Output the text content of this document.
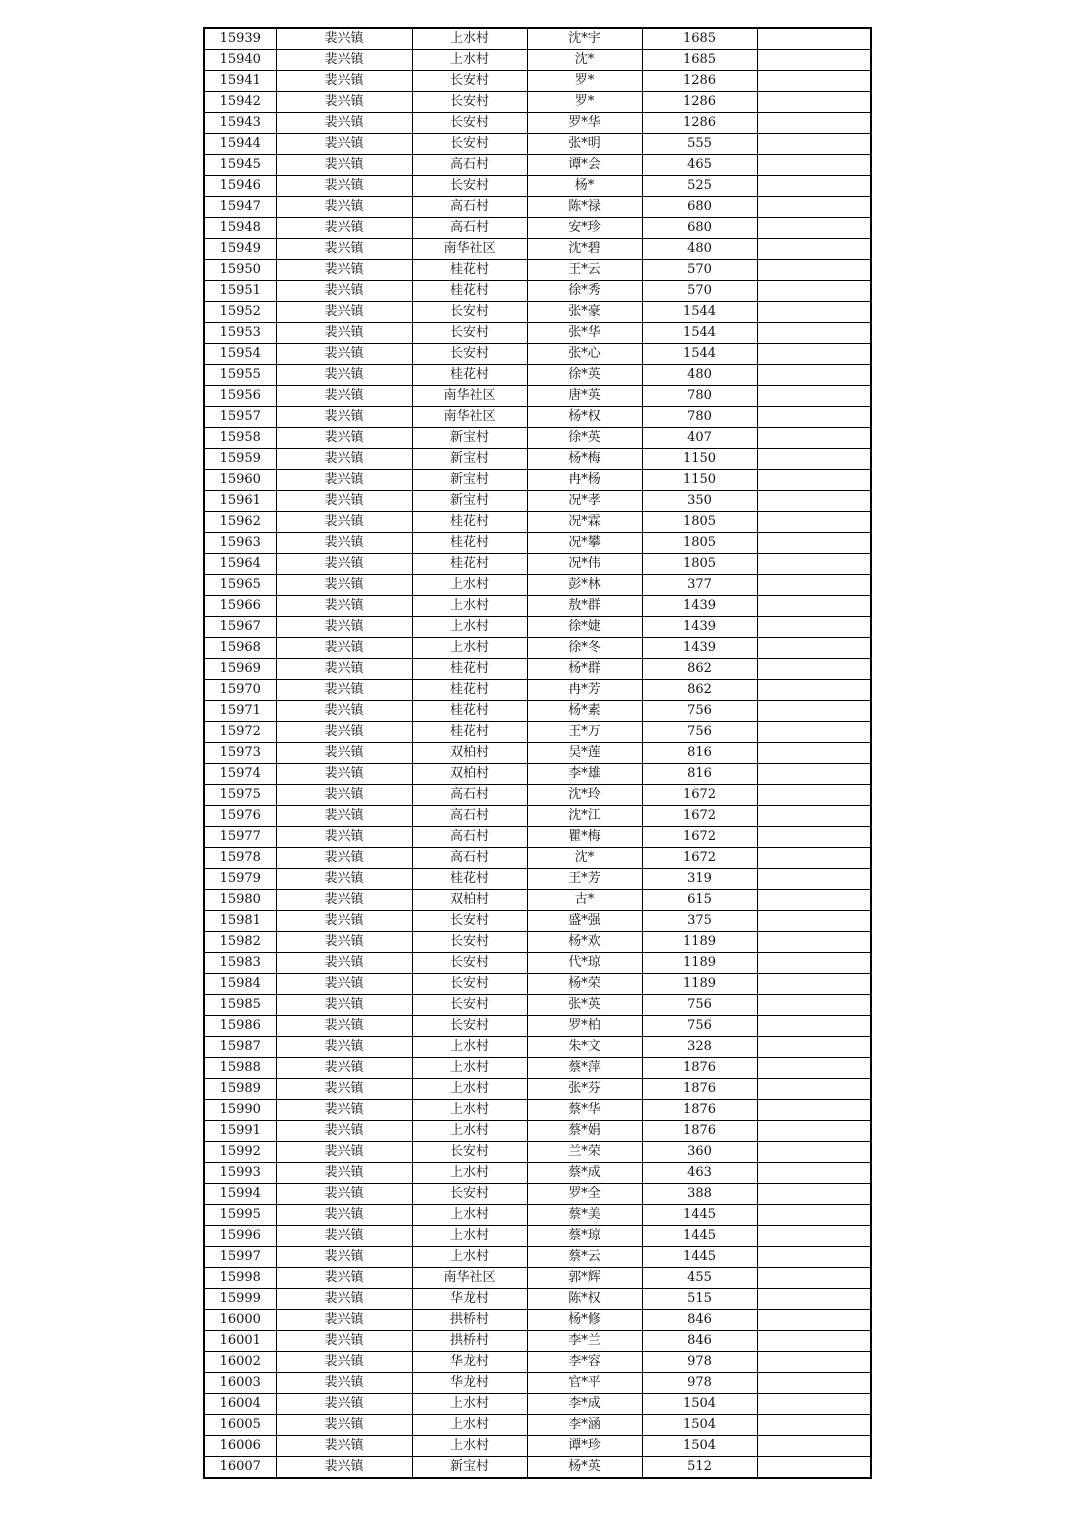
15939	裴兴镇	上水村	沈*宇	1685	
15940	裴兴镇	上水村	沈*	1685	
15941	裴兴镇	长安村	罗*	1286	
15942	裴兴镇	长安村	罗*	1286	
15943	裴兴镇	长安村	罗*华	1286	
15944	裴兴镇	长安村	张*明	555	
15945	裴兴镇	高石村	谭*会	465	
15946	裴兴镇	长安村	杨*	525	
15947	裴兴镇	高石村	陈*禄	680	
15948	裴兴镇	高石村	安*珍	680	
15949	裴兴镇	南华社区	沈*碧	480	
15950	裴兴镇	桂花村	王*云	570	
15951	裴兴镇	桂花村	徐*秀	570	
15952	裴兴镇	长安村	张*豪	1544	
15953	裴兴镇	长安村	张*华	1544	
15954	裴兴镇	长安村	张*心	1544	
15955	裴兴镇	桂花村	徐*英	480	
15956	裴兴镇	南华社区	唐*英	780	
15957	裴兴镇	南华社区	杨*权	780	
15958	裴兴镇	新宝村	徐*英	407	
15959	裴兴镇	新宝村	杨*梅	1150	
15960	裴兴镇	新宝村	冉*杨	1150	
15961	裴兴镇	新宝村	况*孝	350	
15962	裴兴镇	桂花村	况*霖	1805	
15963	裴兴镇	桂花村	况*攀	1805	
15964	裴兴镇	桂花村	况*伟	1805	
15965	裴兴镇	上水村	彭*林	377	
15966	裴兴镇	上水村	敖*群	1439	
15967	裴兴镇	上水村	徐*婕	1439	
15968	裴兴镇	上水村	徐*冬	1439	
15969	裴兴镇	桂花村	杨*群	862	
15970	裴兴镇	桂花村	冉*芳	862	
15971	裴兴镇	桂花村	杨*素	756	
15972	裴兴镇	桂花村	王*万	756	
15973	裴兴镇	双柏村	吴*莲	816	
15974	裴兴镇	双柏村	李*雄	816	
15975	裴兴镇	高石村	沈*玲	1672	
15976	裴兴镇	高石村	沈*江	1672	
15977	裴兴镇	高石村	瞿*梅	1672	
15978	裴兴镇	高石村	沈*	1672	
15979	裴兴镇	桂花村	王*芳	319	
15980	裴兴镇	双柏村	古*	615	
15981	裴兴镇	长安村	盛*强	375	
15982	裴兴镇	长安村	杨*欢	1189	
15983	裴兴镇	长安村	代*琼	1189	
15984	裴兴镇	长安村	杨*荣	1189	
15985	裴兴镇	长安村	张*英	756	
15986	裴兴镇	长安村	罗*柏	756	
15987	裴兴镇	上水村	朱*文	328	
15988	裴兴镇	上水村	蔡*萍	1876	
15989	裴兴镇	上水村	张*芬	1876	
15990	裴兴镇	上水村	蔡*华	1876	
15991	裴兴镇	上水村	蔡*娟	1876	
15992	裴兴镇	长安村	兰*荣	360	
15993	裴兴镇	上水村	蔡*成	463	
15994	裴兴镇	长安村	罗*全	388	
15995	裴兴镇	上水村	蔡*美	1445	
15996	裴兴镇	上水村	蔡*琼	1445	
15997	裴兴镇	上水村	蔡*云	1445	
15998	裴兴镇	南华社区	郭*辉	455	
15999	裴兴镇	华龙村	陈*权	515	
16000	裴兴镇	拱桥村	杨*修	846	
16001	裴兴镇	拱桥村	李*兰	846	
16002	裴兴镇	华龙村	李*容	978	
16003	裴兴镇	华龙村	官*平	978	
16004	裴兴镇	上水村	李*成	1504	
16005	裴兴镇	上水村	李*涵	1504	
16006	裴兴镇	上水村	谭*珍	1504	
16007	裴兴镇	新宝村	杨*英	512	
